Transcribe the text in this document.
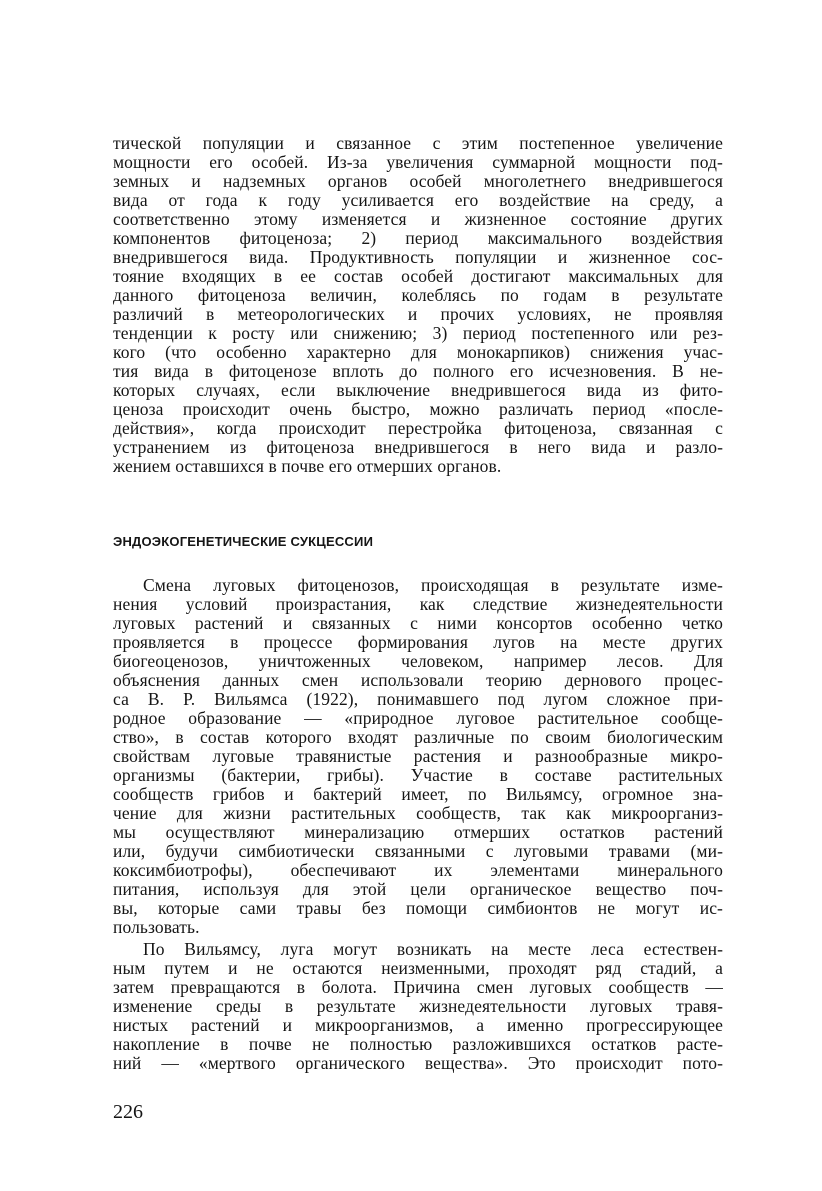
тической популяции и связанное с этим постепенное увеличение
мощности его особей. Из-за увеличения суммарной мощности под-
земных и надземных органов особей многолетнего внедрившегося
вида от года к году усиливается его воздействие на среду, а
соответственно этому изменяется и жизненное состояние других
компонентов фитоценоза; 2) период максимального воздействия
внедрившегося вида. Продуктивность популяции и жизненное сос-
тояние входящих в ее состав особей достигают максимальных для
данного фитоценоза величин, колеблясь по годам в результате
различий в метеорологических и прочих условиях, не проявляя
тенденции к росту или снижению; 3) период постепенного или рез-
кого (что особенно характерно для монокарпиков) снижения учас-
тия вида в фитоценозе вплоть до полного его исчезновения. В не-
которых случаях, если выключение внедрившегося вида из фито-
ценоза происходит очень быстро, можно различать период «после-
действия», когда происходит перестройка фитоценоза, связанная с
устранением из фитоценоза внедрившегося в него вида и разло-
жением оставшихся в почве его отмерших органов.
ЭНДОЭКОГЕНЕТИЧЕСКИЕ СУКЦЕССИИ
Смена луговых фитоценозов, происходящая в результате изме-
нения условий произрастания, как следствие жизнедеятельности
луговых растений и связанных с ними консортов особенно четко
проявляется в процессе формирования лугов на месте других
биогеоценозов, уничтоженных человеком, например лесов. Для
объяснения данных смен использовали теорию дернового процес-
са В. Р. Вильямса (1922), понимавшего под лугом сложное при-
родное образование — «природное луговое растительное сообще-
ство», в состав которого входят различные по своим биологическим
свойствам луговые травянистые растения и разнообразные микро-
организмы (бактерии, грибы). Участие в составе растительных
сообществ грибов и бактерий имеет, по Вильямсу, огромное зна-
чение для жизни растительных сообществ, так как микроорганиз-
мы осуществляют минерализацию отмерших остатков растений
или, будучи симбиотически связанными с луговыми травами (ми-
коксимбиотрофы), обеспечивают их элементами минерального
питания, используя для этой цели органическое вещество поч-
вы, которые сами травы без помощи симбионтов не могут ис-
пользовать.
По Вильямсу, луга могут возникать на месте леса естествен-
ным путем и не остаются неизменными, проходят ряд стадий, а
затем превращаются в болота. Причина смен луговых сообществ —
изменение среды в результате жизнедеятельности луговых травя-
нистых растений и микроорганизмов, а именно прогрессирующее
накопление в почве не полностью разложившихся остатков расте-
ний — «мертвого органического вещества». Это происходит пото-
226
